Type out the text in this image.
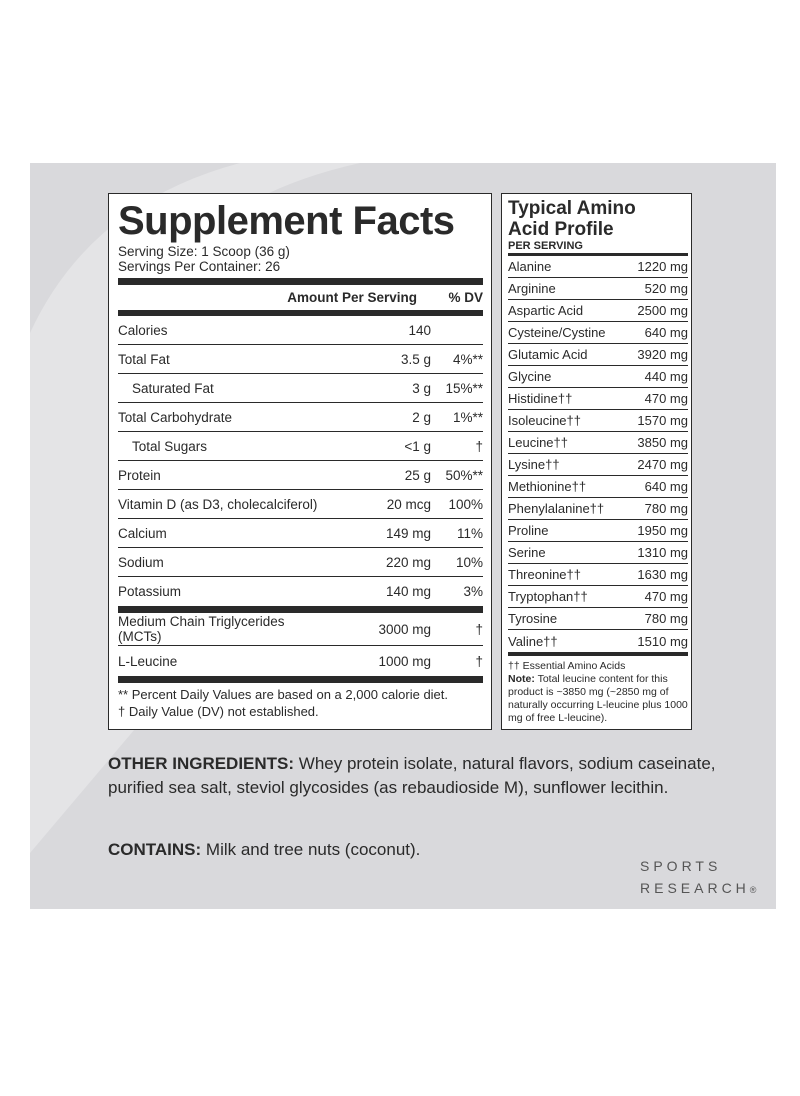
Supplement Facts
Serving Size: 1 Scoop (36 g)
Servings Per Container: 26
Amount Per Serving	% DV
Calories	140
Total Fat	3.5 g	4%**
Saturated Fat	3 g	15%**
Total Carbohydrate	2 g	1%**
Total Sugars	<1 g	†
Protein	25 g	50%**
Vitamin D (as D3, cholecalciferol)	20 mcg	100%
Calcium	149 mg	11%
Sodium	220 mg	10%
Potassium	140 mg	3%
Medium Chain Triglycerides (MCTs)	3000 mg	†
L-Leucine	1000 mg	†
** Percent Daily Values are based on a 2,000 calorie diet.
† Daily Value (DV) not established.
Typical Amino
Acid Profile
PER SERVING
Alanine	1220 mg
Arginine	520 mg
Aspartic Acid	2500 mg
Cysteine/Cystine	640 mg
Glutamic Acid	3920 mg
Glycine	440 mg
Histidine††	470 mg
Isoleucine††	1570 mg
Leucine††	3850 mg
Lysine††	2470 mg
Methionine††	640 mg
Phenylalanine††	780 mg
Proline	1950 mg
Serine	1310 mg
Threonine††	1630 mg
Tryptophan††	470 mg
Tyrosine	780 mg
Valine††	1510 mg
†† Essential Amino Acids
Note: Total leucine content for this product is ~3850 mg (~2850 mg of naturally occurring L-leucine plus 1000 mg of free L-leucine).
OTHER INGREDIENTS: Whey protein isolate, natural flavors, sodium caseinate, purified sea salt, steviol glycosides (as rebaudioside M), sunflower lecithin.
CONTAINS: Milk and tree nuts (coconut).
SPORTS
RESEARCH®
